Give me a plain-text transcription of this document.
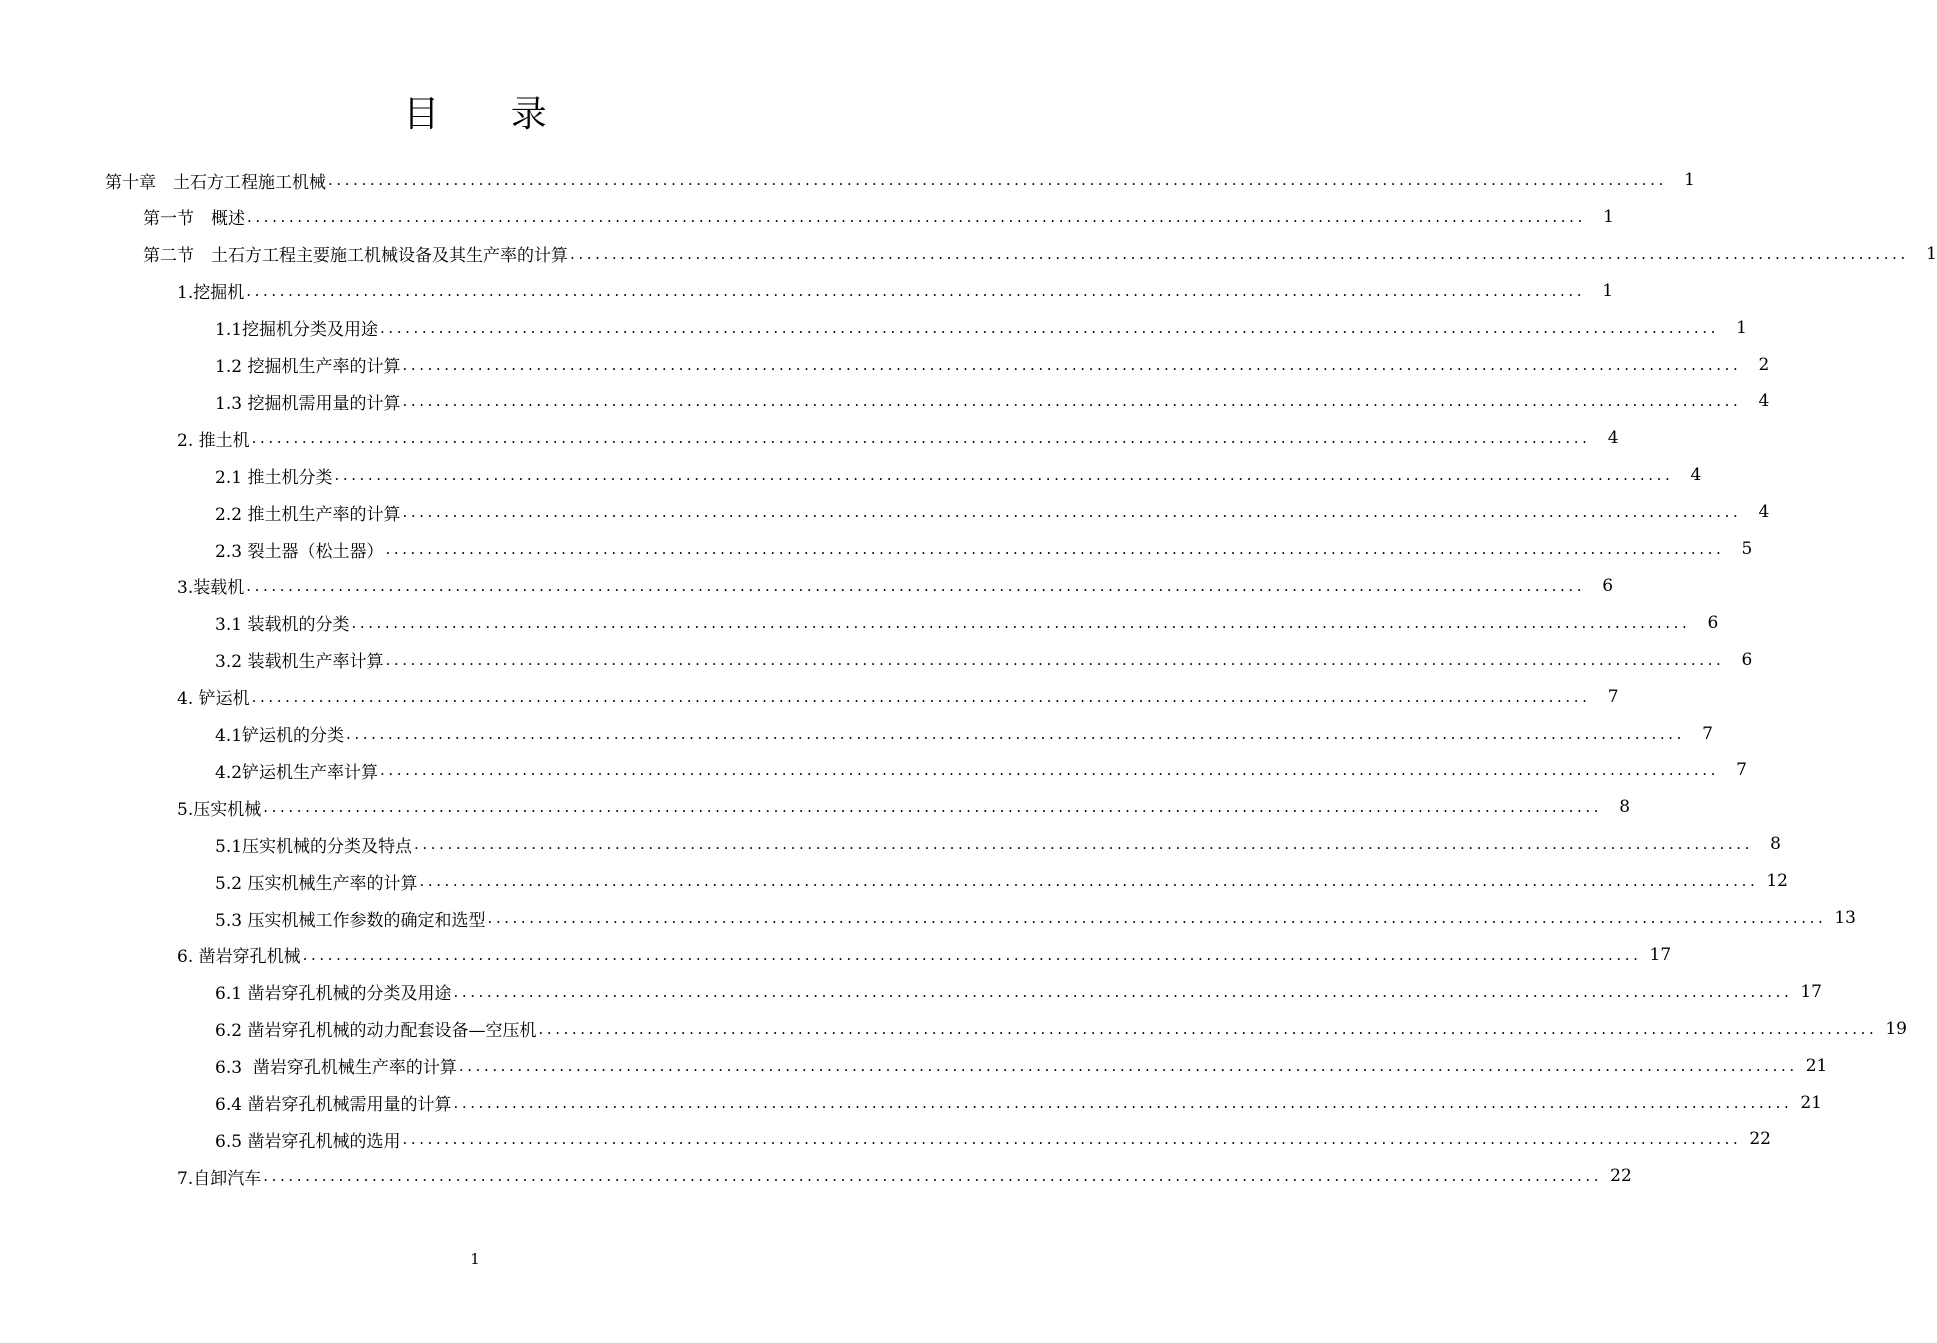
目 录
第十章　土石方工程施工机械 ................................................................................................................................................................	1
第一节　概述 ................................................................................................................................................................	1
第二节　土石方工程主要施工机械设备及其生产率的计算 ................................................................................................................................................................	1
1.挖掘机 ................................................................................................................................................................	1
1.1挖掘机分类及用途 ................................................................................................................................................................	1
1.2 挖掘机生产率的计算 ................................................................................................................................................................	2
1.3 挖掘机需用量的计算 ................................................................................................................................................................	4
2. 推土机 ................................................................................................................................................................	4
2.1 推土机分类 ................................................................................................................................................................	4
2.2 推土机生产率的计算 ................................................................................................................................................................	4
2.3 裂土器（松土器） ................................................................................................................................................................	5
3.装载机 ................................................................................................................................................................	6
3.1 装载机的分类 ................................................................................................................................................................	6
3.2 装载机生产率计算 ................................................................................................................................................................	6
4. 铲运机 ................................................................................................................................................................	7
4.1铲运机的分类 ................................................................................................................................................................	7
4.2铲运机生产率计算 ................................................................................................................................................................	7
5.压实机械 ................................................................................................................................................................	8
5.1压实机械的分类及特点 ................................................................................................................................................................	8
5.2 压实机械生产率的计算 ................................................................................................................................................................ 12
5.3 压实机械工作参数的确定和选型 ................................................................................................................................................................ 13
6. 凿岩穿孔机械 ................................................................................................................................................................ 17
6.1 凿岩穿孔机械的分类及用途 ................................................................................................................................................................ 17
6.2 凿岩穿孔机械的动力配套设备—空压机 ................................................................................................................................................................ 19
6.3  凿岩穿孔机械生产率的计算 ................................................................................................................................................................ 21
6.4 凿岩穿孔机械需用量的计算 ................................................................................................................................................................ 21
6.5 凿岩穿孔机械的选用 ................................................................................................................................................................ 22
7.自卸汽车 ................................................................................................................................................................ 22
1
